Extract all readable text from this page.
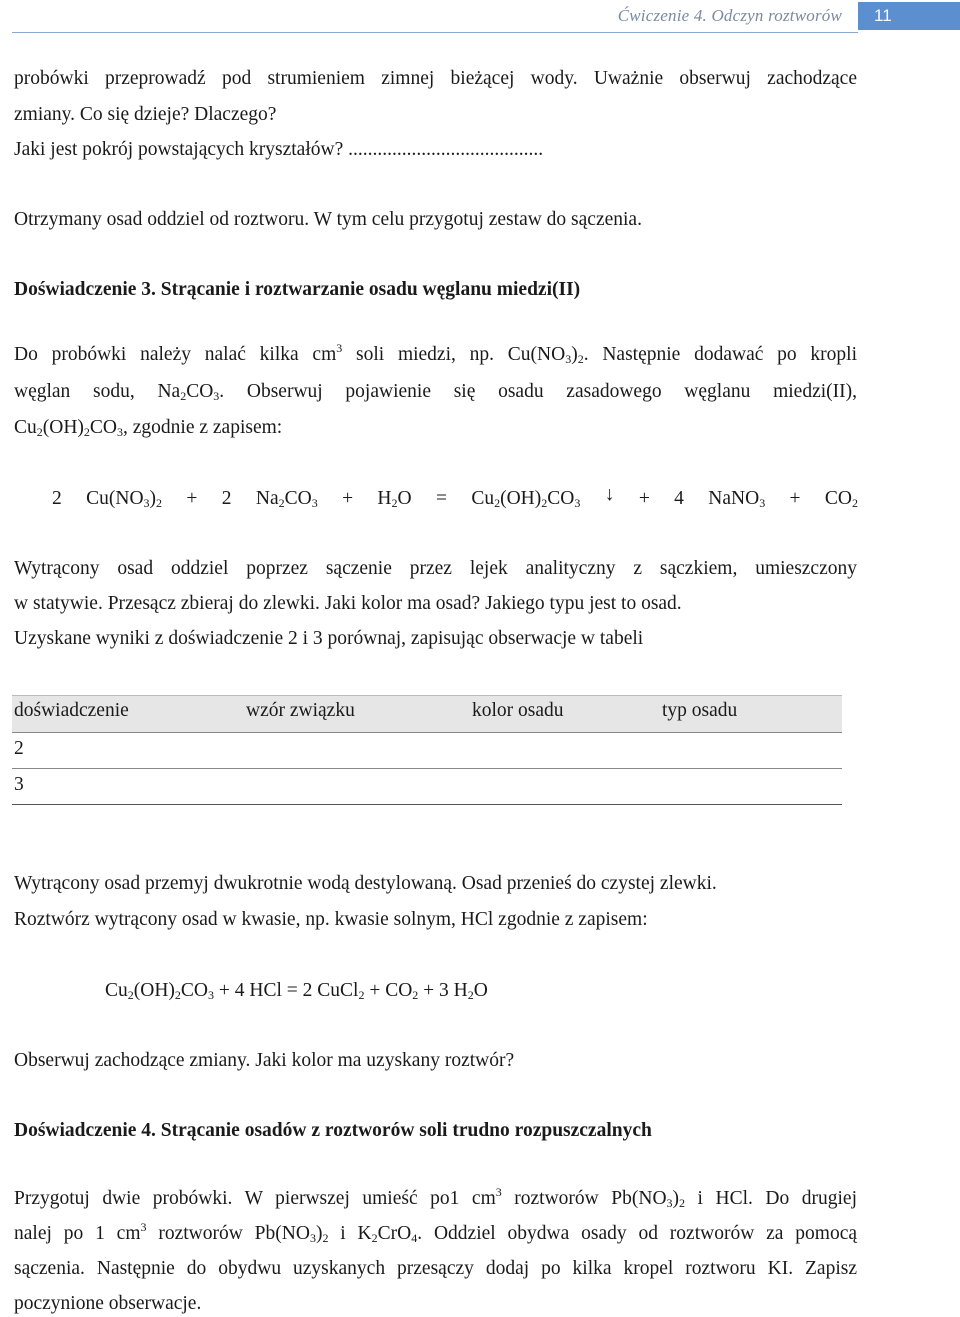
Ćwiczenie 4. Odczyn roztworów	11
probówki przeprowadź pod strumieniem zimnej bieżącej wody. Uważnie obserwuj zachodzące
zmiany. Co się dzieje? Dlaczego?
Jaki jest pokrój powstających kryształów? ........................................
Otrzymany osad oddziel od roztworu. W tym celu przygotuj zestaw do sączenia.
Doświadczenie 3. Strącanie i roztwarzanie osadu węglanu miedzi(II)
Do probówki należy nalać kilka $cm^3$ soli miedzi, np. $Cu(NO_3)_2$. Następnie dodawać po kropli
węglan sodu, $Na_2CO_3$. Obserwuj pojawienie się osadu zasadowego węglanu miedzi(II),
$Cu_2(OH)_2CO_3$, zgodnie z zapisem:
2 $Cu(NO_3)_2 + 2$ $Na_2CO_3 + H_2O = Cu_2(OH)_2CO_3$ ↓ + 4 NaNO$_3$ + $CO_2$
Wytrącony osad oddziel poprzez sączenie przez lejek analityczny z sączkiem, umieszczony
w statywie. Przesącz zbieraj do zlewki. Jaki kolor ma osad? Jakiego typu jest to osad.
Uzyskane wyniki z doświadczenie 2 i 3 porównaj, zapisując obserwacje w tabeli
doświadczenie	wzór związku	kolor osadu	typ osadu
2
3
Wytrącony osad przemyj dwukrotnie wodą destylowaną. Osad przenieś do czystej zlewki.
Roztwórz wytrącony osad w kwasie, np. kwasie solnym, HCl zgodnie z zapisem:
$Cu_2(OH)_2CO_3 + 4$ HCl = 2 CuCl$_2$ + $CO_2 + 3$ $H_2O$
Obserwuj zachodzące zmiany. Jaki kolor ma uzyskany roztwór?
Doświadczenie 4. Strącanie osadów z roztworów soli trudno rozpuszczalnych
Przygotuj dwie probówki. W pierwszej umieść po1 $cm^3$ roztworów $Pb(NO_3)_2$ i HCl. Do drugiej
nalej po 1 $cm^3$ roztworów $Pb(NO_3)_2$ i $K_2CrO_4$. Oddziel obydwa osady od roztworów za pomocą
sączenia. Następnie do obydwu uzyskanych przesączy dodaj po kilka kropel roztworu KI. Zapisz
poczynione obserwacje.
